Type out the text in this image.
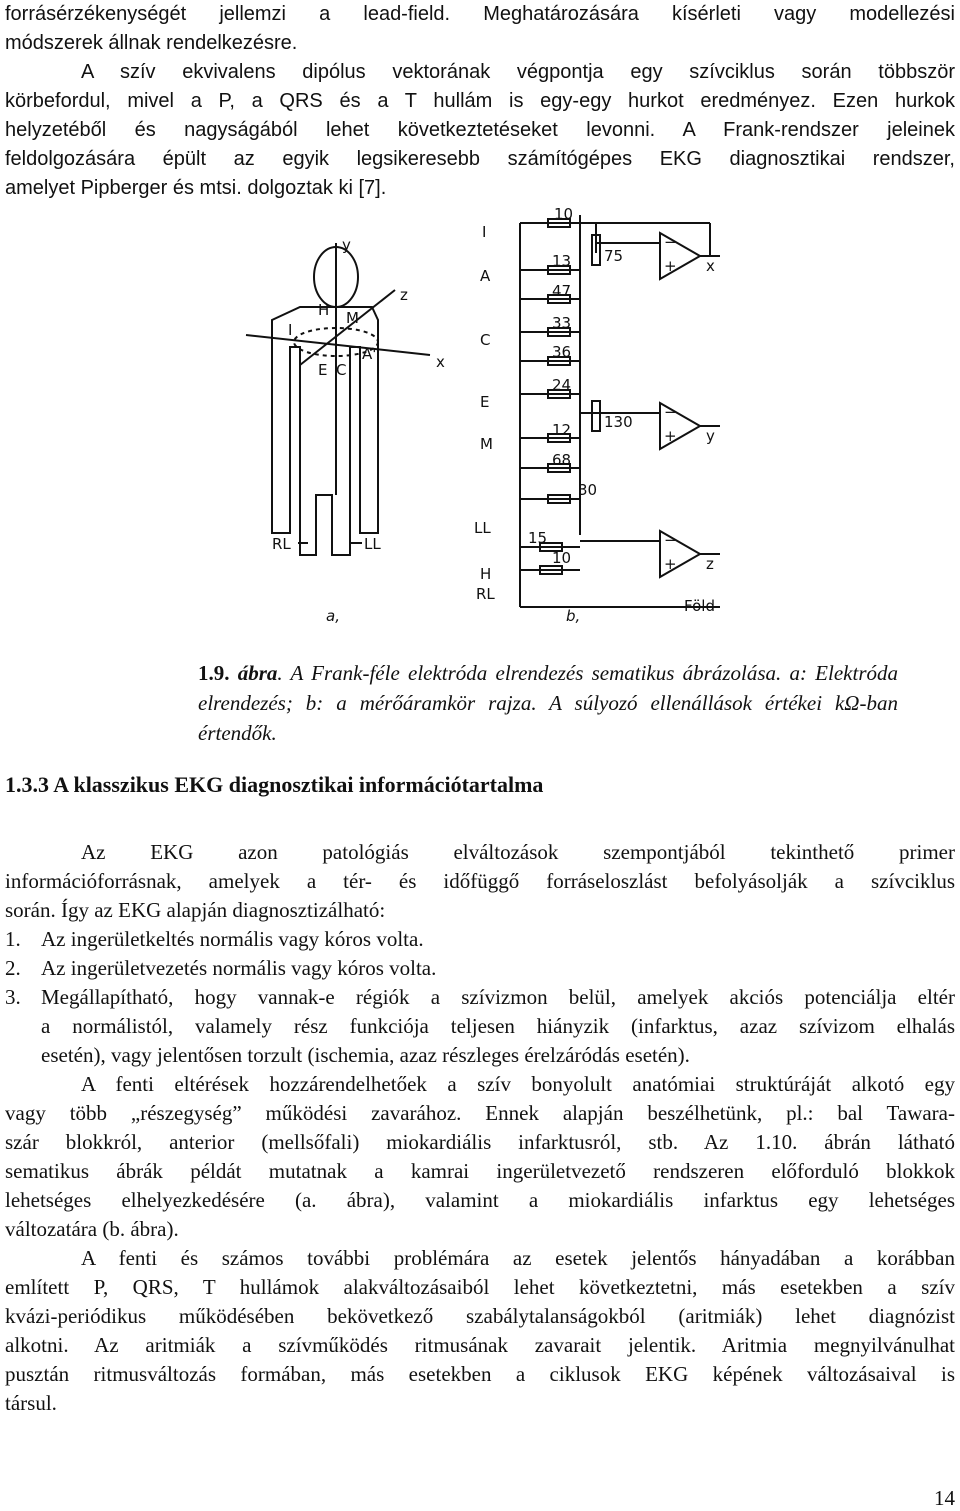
forrásérzékenységét jellemzi a lead-field. Meghatározására kísérleti vagy modellezési
módszerek állnak rendelkezésre.

A szív ekvivalens dipólus vektorának végpontja egy szívciklus során többször
körbefordul, mivel a P, a QRS és a T hullám is egy-egy hurkot eredményez. Ezen hurkok
helyzetéből és nagyságából lehet következtetéseket levonni. A Frank-rendszer jeleinek
feldolgozására épült az egyik legsikeresebb számítógépes EKG diagnosztikai rendszer,
amelyet Pipberger és mtsi. dolgoztak ki [7].

y
z
x
H M
I
A'
E C
RL	LL
a,
I
A
C
E
M
LL
H
RL
10
13
47
33
36
24
12
68
30
15
10
75
130
−
+
−
+
−
+
x
y
z
Föld
b,

1.9. ábra. A Frank-féle elektróda elrendezés sematikus ábrázolása. a: Elektróda
elrendezés; b: a mérőáramkör rajza. A súlyozó ellenállások értékei kΩ-ban
értendők.

1.3.3 A klasszikus EKG diagnosztikai információtartalma

Az EKG azon patológiás elváltozások szempontjából tekinthető primer
információforrásnak, amelyek a tér- és időfüggő forráseloszlást befolyásolják a szívciklus
során. Így az EKG alapján diagnosztizálható:

1. Az ingerületkeltés normális vagy kóros volta.
2. Az ingerületvezetés normális vagy kóros volta.
3. Megállapítható, hogy vannak-e régiók a szívizmon belül, amelyek akciós potenciálja eltér
a normálistól, valamely rész funkciója teljesen hiányzik (infarktus, azaz szívizom elhalás
esetén), vagy jelentősen torzult (ischemia, azaz részleges érelzáródás esetén).

A fenti eltérések hozzárendelhetőek a szív bonyolult anatómiai struktúráját alkotó egy
vagy több „részegység” működési zavarához. Ennek alapján beszélhetünk, pl.: bal Tawara-
szár blokkról, anterior (mellsőfali) miokardiális infarktusról, stb. Az 1.10. ábrán látható
sematikus ábrák példát mutatnak a kamrai ingerületvezető rendszeren előforduló blokkok
lehetséges elhelyezkedésére (a. ábra), valamint a miokardiális infarktus egy lehetséges
változatára (b. ábra).

A fenti és számos további problémára az esetek jelentős hányadában a korábban
említett P, QRS, T hullámok alakváltozásaiból lehet következtetni, más esetekben a szív
kvázi-periódikus működésében bekövetkező szabálytalanságokból (aritmiák) lehet diagnózist
alkotni. Az aritmiák a szívműködés ritmusának zavarait jelentik. Aritmia megnyilvánulhat
pusztán ritmusváltozás formában, más esetekben a ciklusok EKG képének változásaival is
társul.

14
